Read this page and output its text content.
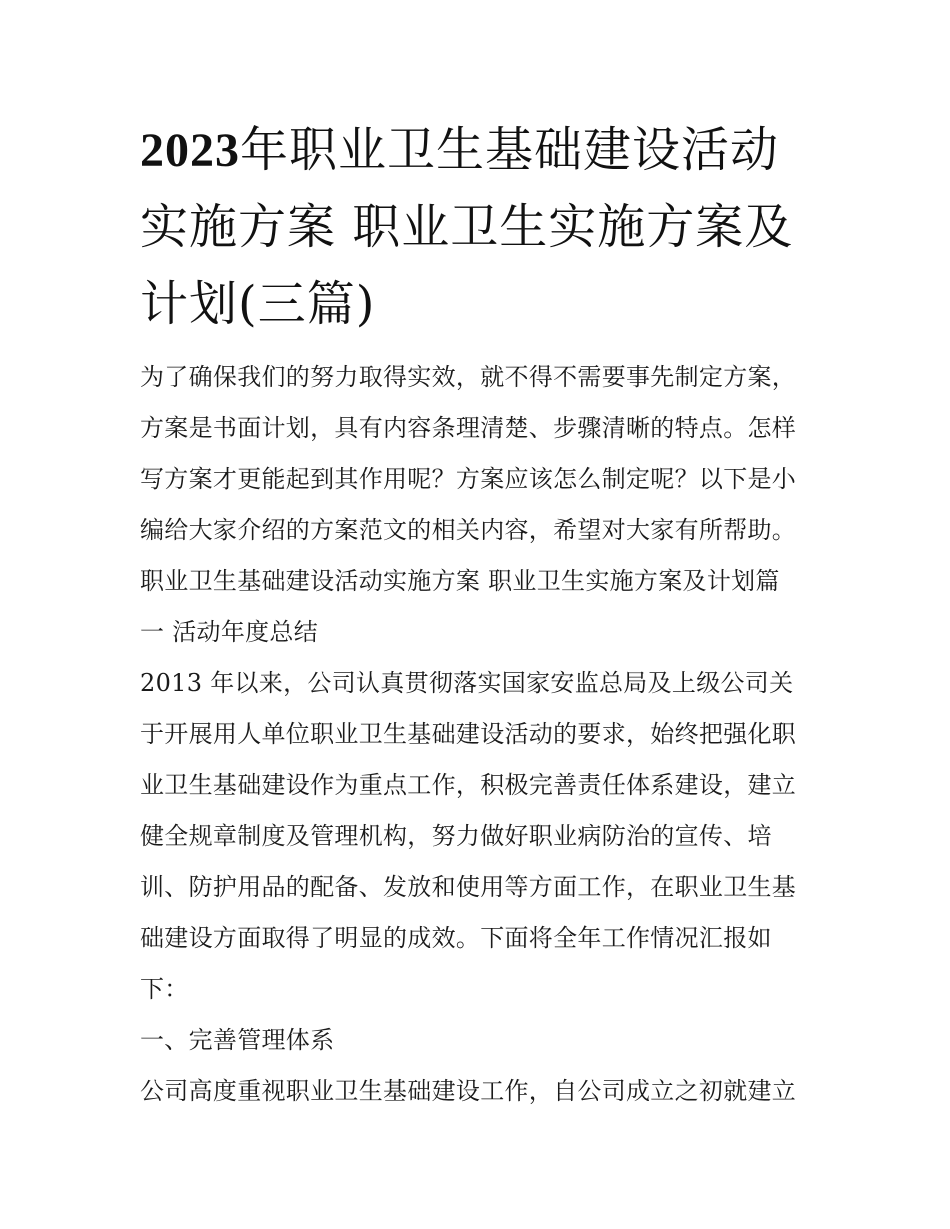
2023年职业卫生基础建设活动
实施方案 职业卫生实施方案及
计划(三篇)
为了确保我们的努力取得实效，就不得不需要事先制定方案，
方案是书面计划，具有内容条理清楚、步骤清晰的特点。怎样
写方案才更能起到其作用呢？方案应该怎么制定呢？以下是小
编给大家介绍的方案范文的相关内容，希望对大家有所帮助。
职业卫生基础建设活动实施方案 职业卫生实施方案及计划篇
一 活动年度总结
2013 年以来，公司认真贯彻落实国家安监总局及上级公司关
于开展用人单位职业卫生基础建设活动的要求，始终把强化职
业卫生基础建设作为重点工作，积极完善责任体系建设，建立
健全规章制度及管理机构，努力做好职业病防治的宣传、培
训、防护用品的配备、发放和使用等方面工作，在职业卫生基
础建设方面取得了明显的成效。下面将全年工作情况汇报如
下：
一、完善管理体系
公司高度重视职业卫生基础建设工作，自公司成立之初就建立
